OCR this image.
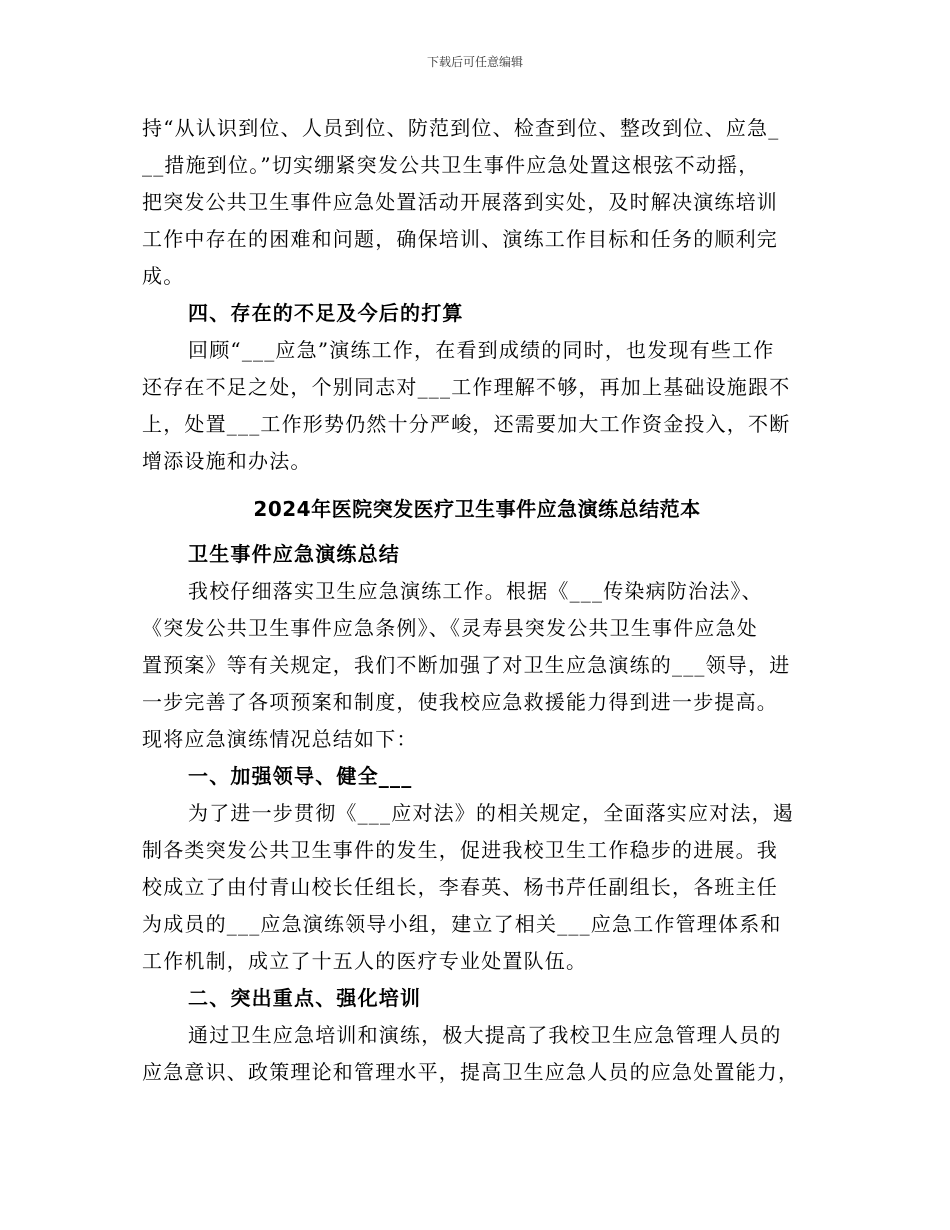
下载后可任意编辑

持“从认识到位、人员到位、防范到位、检查到位、整改到位、应急_
__措施到位。”切实绷紧突发公共卫生事件应急处置这根弦不动摇，
把突发公共卫生事件应急处置活动开展落到实处，及时解决演练培训
工作中存在的困难和问题，确保培训、演练工作目标和任务的顺利完
成。

四、存在的不足及今后的打算

回顾“___应急”演练工作，在看到成绩的同时，也发现有些工作
还存在不足之处，个别同志对___工作理解不够，再加上基础设施跟不
上，处置___工作形势仍然十分严峻，还需要加大工作资金投入，不断
增添设施和办法。

2024年医院突发医疗卫生事件应急演练总结范本

卫生事件应急演练总结

我校仔细落实卫生应急演练工作。根据《___传染病防治法》、
《突发公共卫生事件应急条例》、《灵寿县突发公共卫生事件应急处
置预案》等有关规定，我们不断加强了对卫生应急演练的___领导，进
一步完善了各项预案和制度，使我校应急救援能力得到进一步提高。
现将应急演练情况总结如下：

一、加强领导、健全___

为了进一步贯彻《___应对法》的相关规定，全面落实应对法，遏
制各类突发公共卫生事件的发生，促进我校卫生工作稳步的进展。我
校成立了由付青山校长任组长，李春英、杨书芹任副组长，各班主任
为成员的___应急演练领导小组，建立了相关___应急工作管理体系和
工作机制，成立了十五人的医疗专业处置队伍。

二、突出重点、强化培训

通过卫生应急培训和演练，极大提高了我校卫生应急管理人员的
应急意识、政策理论和管理水平，提高卫生应急人员的应急处置能力，
